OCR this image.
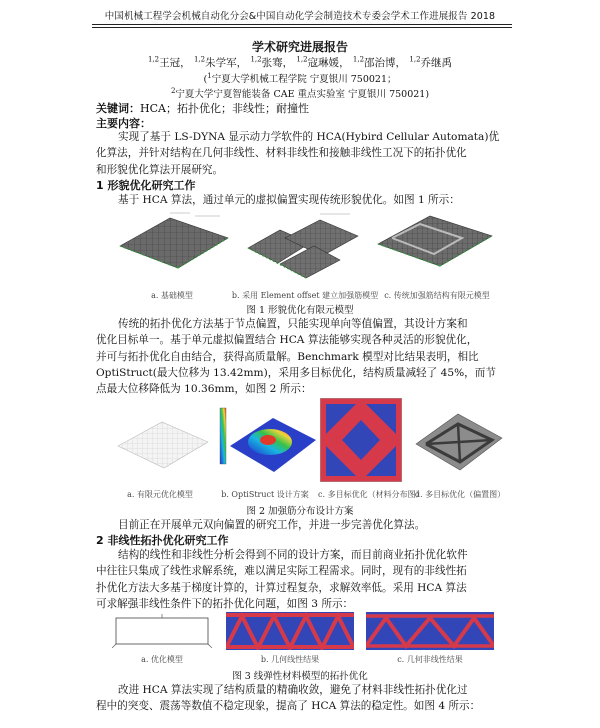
中国机械工程学会机械自动化分会&中国自动化学会制造技术专委会学术工作进展报告 2018
学术研究进展报告
$^{1,2}$王冠， $^{1,2}$朱学军， $^{1,2}$张骞， $^{1,2}$寇琳媛， $^{1,2}$邵治博， $^{1,2}$乔继禹
($^1$宁夏大学机械工程学院 宁夏银川 750021；
$^2$宁夏大学宁夏智能装备 CAE 重点实验室 宁夏银川 750021)
关键词：HCA；拓扑优化；非线性；耐撞性
主要内容：
实现了基于 LS-DYNA 显示动力学软件的 HCA(Hybird Cellular Automata)优
化算法，并针对结构在几何非线性、材料非线性和接触非线性工况下的拓扑优化
和形貌优化算法开展研究。
1 形貌优化研究工作
基于 HCA 算法，通过单元的虚拟偏置实现传统形貌优化。如图 1 所示：
a. 基础模型	b. 采用 Element offset 建立加强筋模型 c. 传统加强筋结构有限元模型
图 1 形貌优化有限元模型
传统的拓扑优化方法基于节点偏置，只能实现单向等值偏置，其设计方案和
优化目标单一。基于单元虚拟偏置结合 HCA 算法能够实现各种灵活的形貌优化，
并可与拓扑优化自由结合，获得高质量解。Benchmark 模型对比结果表明，相比
OptiStruct(最大位移为 13.42mm)，采用多目标优化，结构质量减轻了 45%，而节
点最大位移降低为 10.36mm，如图 2 所示：
a. 有限元优化模型	b. OptiStruct 设计方案	c. 多目标优化（材料分布图）
d. 多目标优化（偏置图）
图 2 加强筋分布设计方案
目前正在开展单元双向偏置的研究工作，并进一步完善优化算法。
2 非线性拓扑优化研究工作
结构的线性和非线性分析会得到不同的设计方案，而目前商业拓扑优化软件
中往往只集成了线性求解系统，难以满足实际工程需求。同时，现有的非线性拓
扑优化方法大多基于梯度计算的，计算过程复杂，求解效率低。采用 HCA 算法
可求解强非线性条件下的拓扑优化问题，如图 3 所示：
a. 优化模型	b. 几何线性结果	c. 几何非线性结果
图 3 线弹性材料模型的拓扑优化
改进 HCA 算法实现了结构质量的精确收敛，避免了材料非线性拓扑优化过
程中的突变、震荡等数值不稳定现象，提高了 HCA 算法的稳定性。如图 4 所示：
